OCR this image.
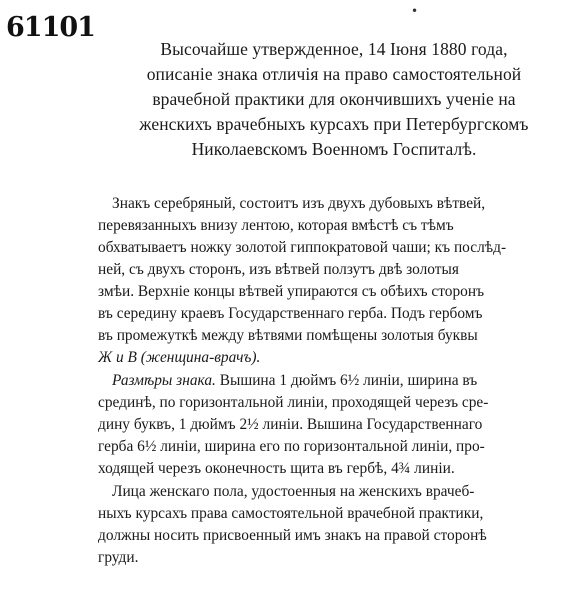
61101
•
Высочайше утвержденное, 14 Іюня 1880 года,
описаніе знака отличія на право самостоятельной
врачебной практики для окончившихъ ученіе на
женскихъ врачебныхъ курсахъ при Петербургскомъ
Николаевскомъ Военномъ Госпиталѣ.
Знакъ серебряный, состоитъ изъ двухъ дубовыхъ вѣтвей,
перевязанныхъ внизу лентою, которая вмѣстѣ съ тѣмъ
обхватываетъ ножку золотой гиппократовой чаши; къ послѣд-
ней, съ двухъ сторонъ, изъ вѣтвей ползутъ двѣ золотыя
змѣи. Верхніе концы вѣтвей упираются съ обѣихъ сторонъ
въ середину краевъ Государственнаго герба. Подъ гербомъ
въ промежуткѣ между вѣтвями помѣщены золотыя буквы
Ж и В (женщина-врачъ).
Размѣры знака. Вышина 1 дюймъ 6½ линіи, ширина въ
срединѣ, по горизонтальной линіи, проходящей черезъ сре-
дину буквъ, 1 дюймъ 2½ линіи. Вышина Государственнаго
герба 6½ линіи, ширина его по горизонтальной линіи, про-
ходящей черезъ оконечность щита въ гербѣ, 4¾ линіи.
Лица женскаго пола, удостоенныя на женскихъ врачеб-
ныхъ курсахъ права самостоятельной врачебной практики,
должны носить присвоенный имъ знакъ на правой сторонѣ
груди.
